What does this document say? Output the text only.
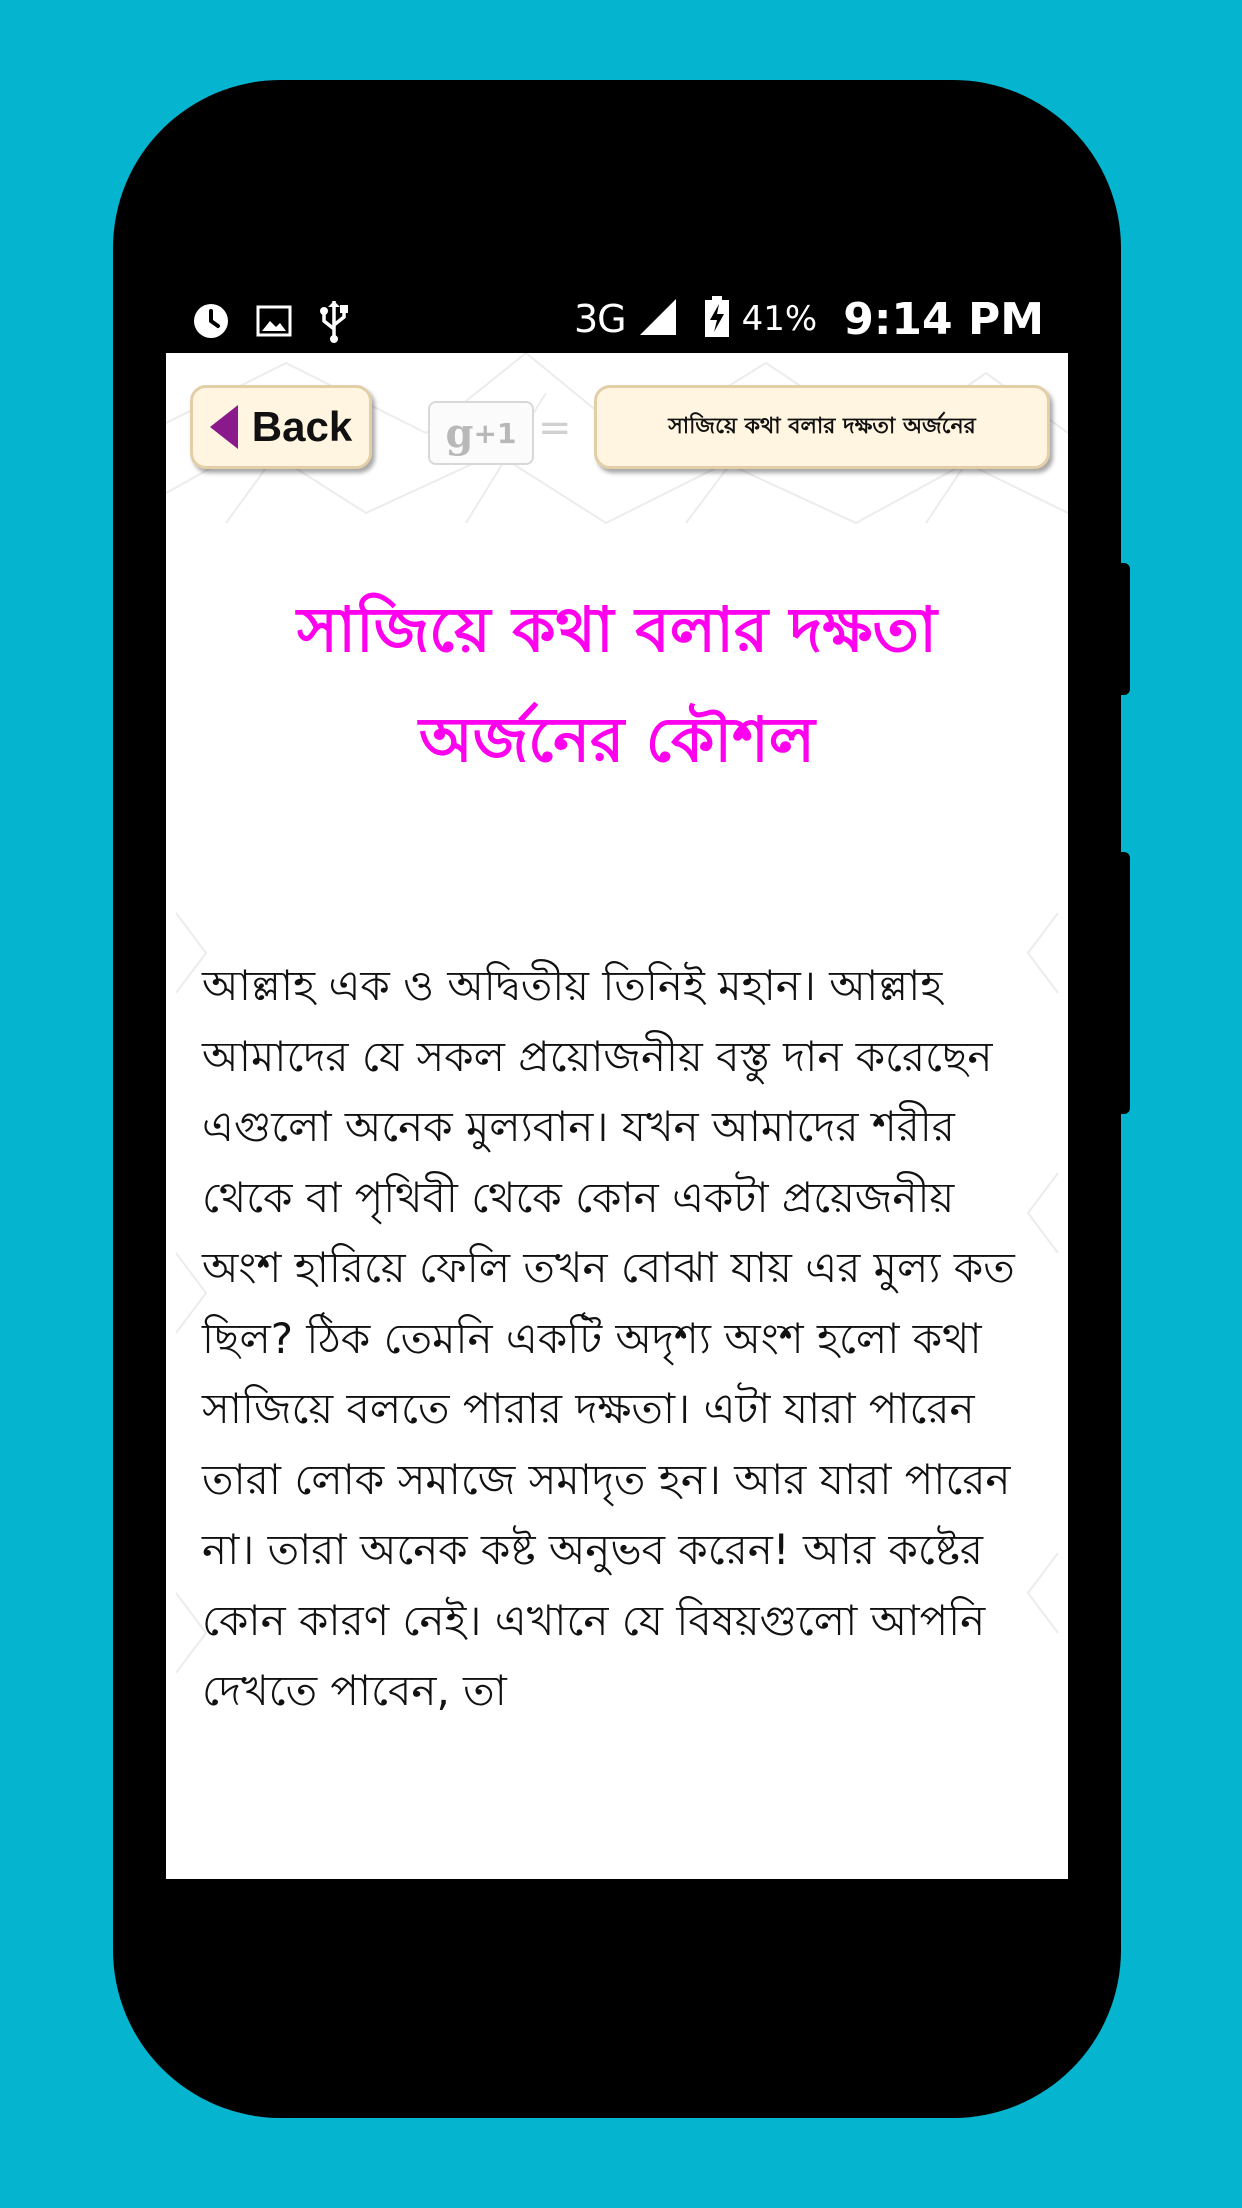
3G	41% 9:14 PM
Back g +1 =	সাজিয়ে কথা বলার দক্ষতা অর্জনের
সাজিয়ে কথা বলার দক্ষতা অর্জনের কৌশল
আল্লাহ এক ও অদ্বিতীয় তিনিই মহান। আল্লাহ আমাদের যে সকল প্রয়োজনীয় বস্তু দান করেছেন এগুলো অনেক মুল্যবান। যখন আমাদের শরীর থেকে বা পৃথিবী থেকে কোন একটা প্রয়েজনীয় অংশ হারিয়ে ফেলি তখন বোঝা যায় এর মুল্য কত ছিল? ঠিক তেমনি একটি অদৃশ্য অংশ হলো কথা সাজিয়ে বলতে পারার দক্ষতা। এটা যারা পারেন তারা লোক সমাজে সমাদৃত হন। আর যারা পারেন না। তারা অনেক কষ্ট অনুভব করেন! আর কষ্টের কোন কারণ নেই। এখানে যে বিষয়গুলো আপনি দেখতে পাবেন, তা
